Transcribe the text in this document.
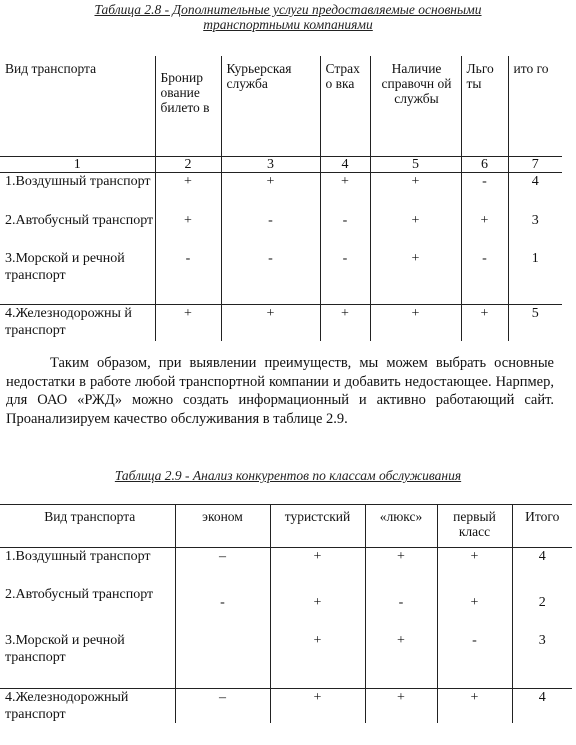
Таблица 2.8 - Дополнительные услуги предоставляемые основными
транспортными компаниями
Вид транспорта	Бронир ование билето в	Курьерская служба	Страх о вка	Наличие справочн ой службы	Льго ты	ито го
1	2	3	4	5	6	7
1.Воздушный транспорт	+	+	+	+	-	4
2.Автобусный транспорт	+	-	-	+	+	3
3.Морской и речной транспорт	-	-	-	+	-	1
4.Железнодорожны й транспорт	+	+	+	+	+	5

Таким образом, при выявлении преимуществ, мы можем выбрать основные недостатки в работе любой транспортной компании и добавить недостающее. Нарпмер, для ОАО «РЖД» можно создать информационный и активно работающий сайт. Проанализируем качество обслуживания в таблице 2.9.

Таблица 2.9 - Анализ конкурентов по классам обслуживания
Вид транспорта	эконом	туристский	«люкс»	первый класс	Итого
1.Воздушный транспорт	–	+	+	+	4
2.Автобусный транспорт	-	+	-	+	2
3.Морской и речной транспорт		+	+	-	3
4.Железнодорожный транспорт	–	+	+	+	4
